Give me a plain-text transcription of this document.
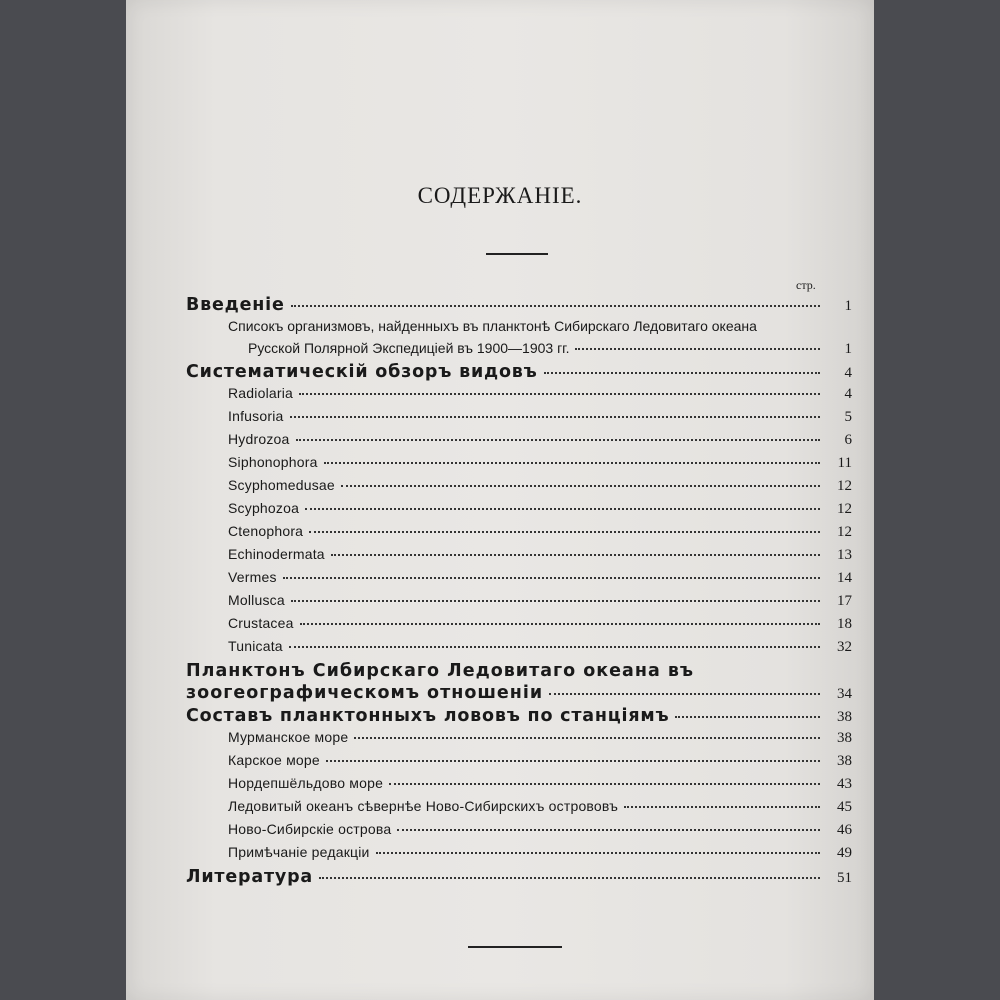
СОДЕРЖАНІЕ.
стр.
Введеніе	1
Списокъ организмовъ, найденныхъ въ планктонѣ Сибирскаго Ледовитаго океана
Русской Полярной Экспедиціей въ 1900—1903 гг.	1
Систематическій обзоръ видовъ	4
Radiolaria	4
Infusoria	5
Hydrozoa	6
Siphonophora	11
Scyphomedusae	12
Scyphozoa	12
Ctenophora	12
Echinodermata	13
Vermes	14
Mollusca	17
Crustacea	18
Tunicata	32
Планктонъ Сибирскаго Ледовитаго океана въ
зоогеографическомъ отношеніи	34
Составъ планктонныхъ лововъ по станціямъ	38
Мурманское море	38
Карское море	38
Нордепшёльдово море	43
Ледовитый океанъ сѣвернѣе Ново-Сибирскихъ острововъ	45
Ново-Сибирскіе острова	46
Примѣчаніе редакціи	49
Литература	51
